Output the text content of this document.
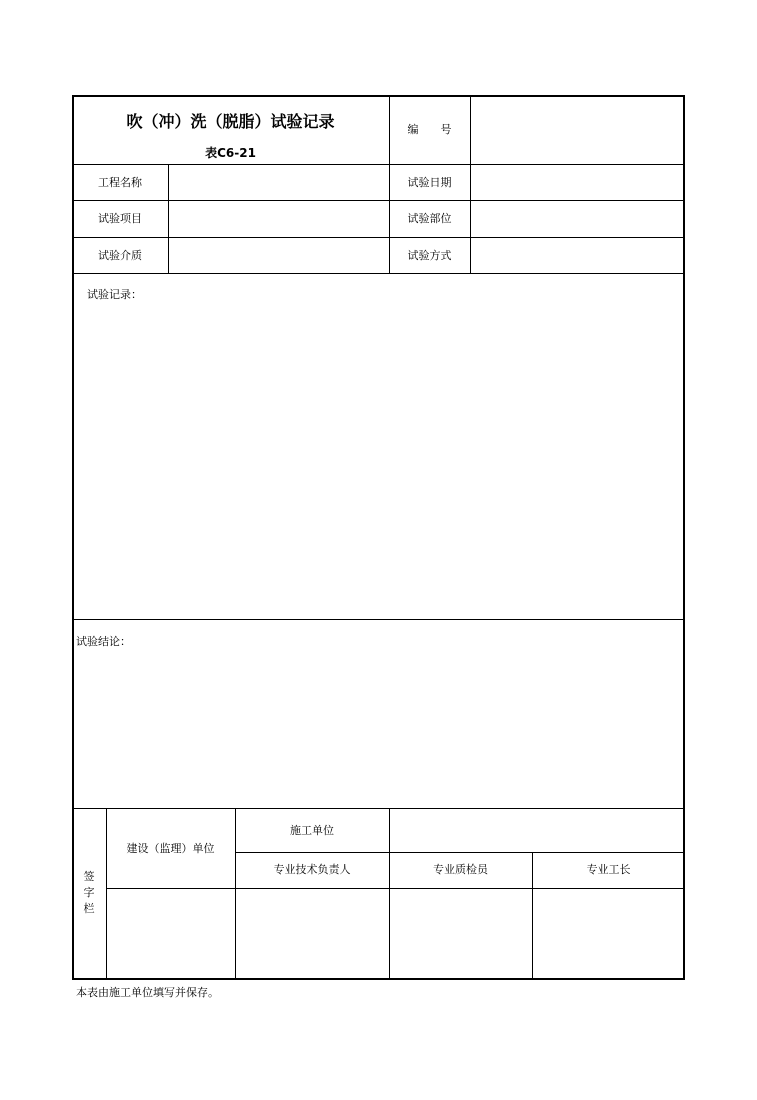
吹（冲）洗（脱脂）试验记录
表C6-21
编　　号
工程名称	试验日期
试验项目	试验部位
试验介质	试验方式
试验记录：
试验结论：
签字栏
建设（监理）单位
施工单位
专业技术负责人	专业质检员	专业工长
本表由施工单位填写并保存。
